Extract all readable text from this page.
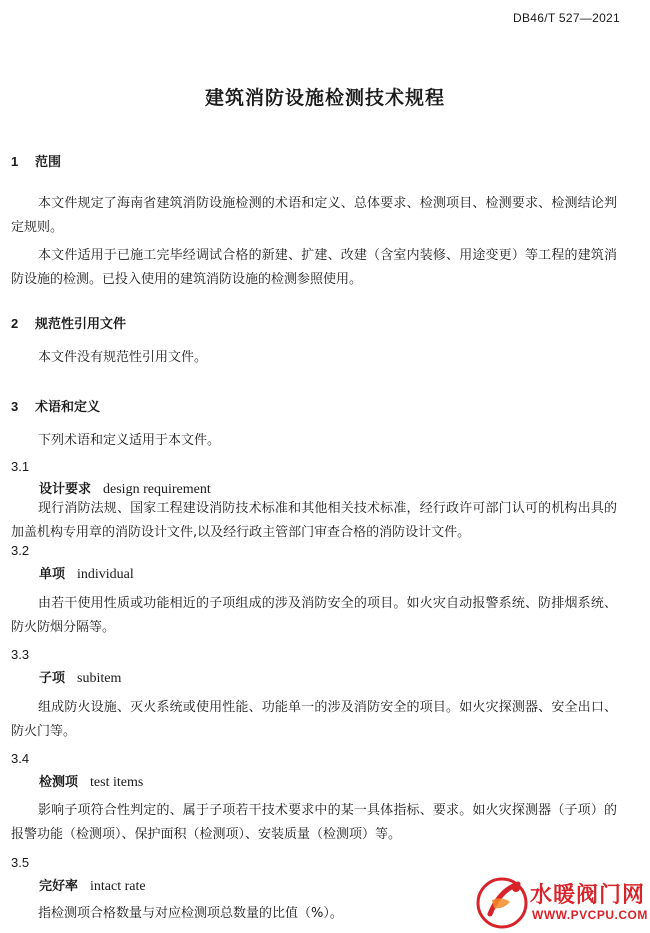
DB46/T 527—2021
建筑消防设施检测技术规程
1 范围
本文件规定了海南省建筑消防设施检测的术语和定义、总体要求、检测项目、检测要求、检测结论判定规则。
本文件适用于已施工完毕经调试合格的新建、扩建、改建（含室内装修、用途变更）等工程的建筑消防设施的检测。已投入使用的建筑消防设施的检测参照使用。
2 规范性引用文件
本文件没有规范性引用文件。
3 术语和定义
下列术语和定义适用于本文件。
3.1
设计要求 design requirement
现行消防法规、国家工程建设消防技术标准和其他相关技术标准，经行政许可部门认可的机构出具的加盖机构专用章的消防设计文件,以及经行政主管部门审查合格的消防设计文件。
3.2
单项 individual
由若干使用性质或功能相近的子项组成的涉及消防安全的项目。如火灾自动报警系统、防排烟系统、防火防烟分隔等。
3.3
子项 subitem
组成防火设施、灭火系统或使用性能、功能单一的涉及消防安全的项目。如火灾探测器、安全出口、防火门等。
3.4
检测项 test items
影响子项符合性判定的、属于子项若干技术要求中的某一具体指标、要求。如火灾探测器（子项）的报警功能（检测项）、保护面积（检测项）、安装质量（检测项）等。
3.5
完好率 intact rate
指检测项合格数量与对应检测项总数量的比值（%）。
水暖阀门网
WWW.PVCPU.COM
